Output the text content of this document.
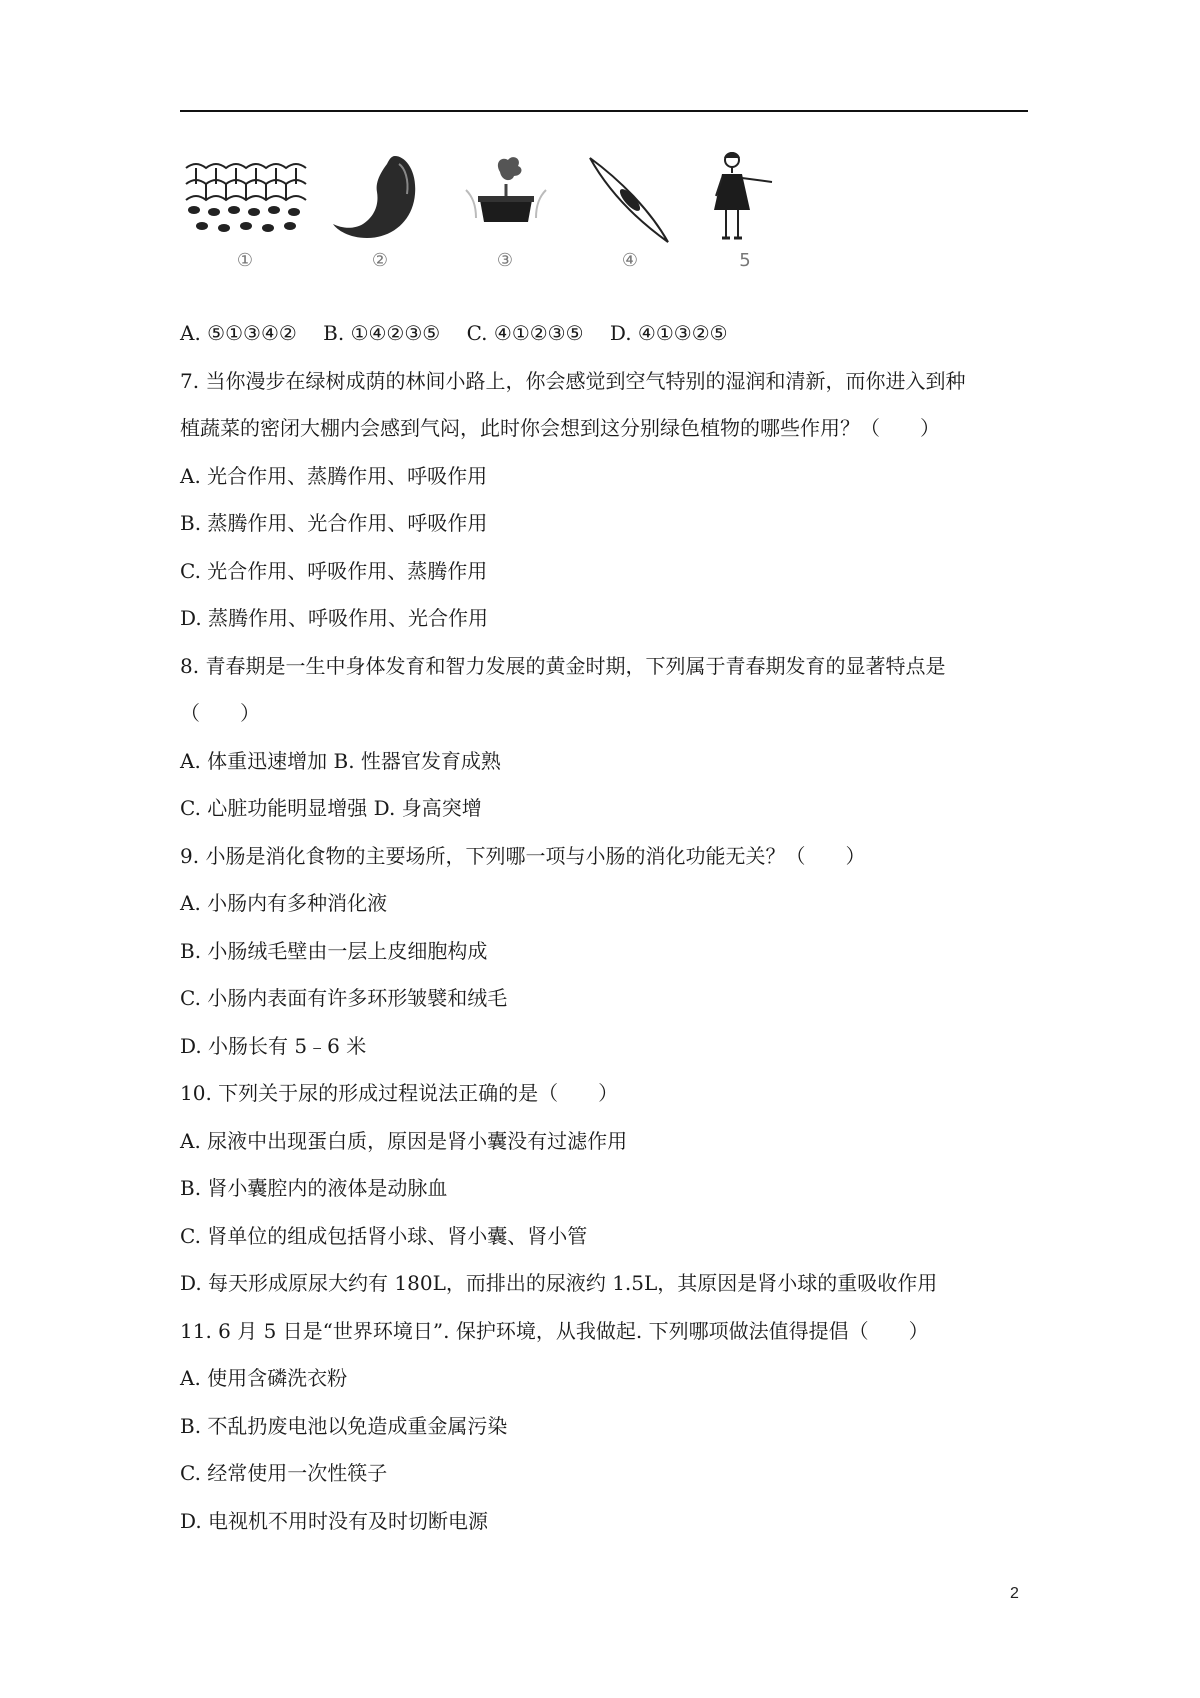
①	②	③	④	5
A. ⑤①③④②　 B. ①④②③⑤　 C. ④①②③⑤　 D. ④①③②⑤
7. 当你漫步在绿树成荫的林间小路上，你会感觉到空气特别的湿润和清新，而你进入到种
植蔬菜的密闭大棚内会感到气闷，此时你会想到这分别绿色植物的哪些作用？（　　）
A. 光合作用、蒸腾作用、呼吸作用
B. 蒸腾作用、光合作用、呼吸作用
C. 光合作用、呼吸作用、蒸腾作用
D. 蒸腾作用、呼吸作用、光合作用
8. 青春期是一生中身体发育和智力发展的黄金时期，下列属于青春期发育的显著特点是
（　　）
A. 体重迅速增加 B. 性器官发育成熟
C. 心脏功能明显增强 D. 身高突增
9. 小肠是消化食物的主要场所，下列哪一项与小肠的消化功能无关？（　　）
A. 小肠内有多种消化液
B. 小肠绒毛壁由一层上皮细胞构成
C. 小肠内表面有许多环形皱襞和绒毛
D. 小肠长有 5﹣6 米
10. 下列关于尿的形成过程说法正确的是（　　）
A. 尿液中出现蛋白质，原因是肾小囊没有过滤作用
B. 肾小囊腔内的液体是动脉血
C. 肾单位的组成包括肾小球、肾小囊、肾小管
D. 每天形成原尿大约有 180L，而排出的尿液约 1.5L，其原因是肾小球的重吸收作用
11. 6 月 5 日是“世界环境日”. 保护环境，从我做起. 下列哪项做法值得提倡（　　）
A. 使用含磷洗衣粉
B. 不乱扔废电池以免造成重金属污染
C. 经常使用一次性筷子
D. 电视机不用时没有及时切断电源
2
